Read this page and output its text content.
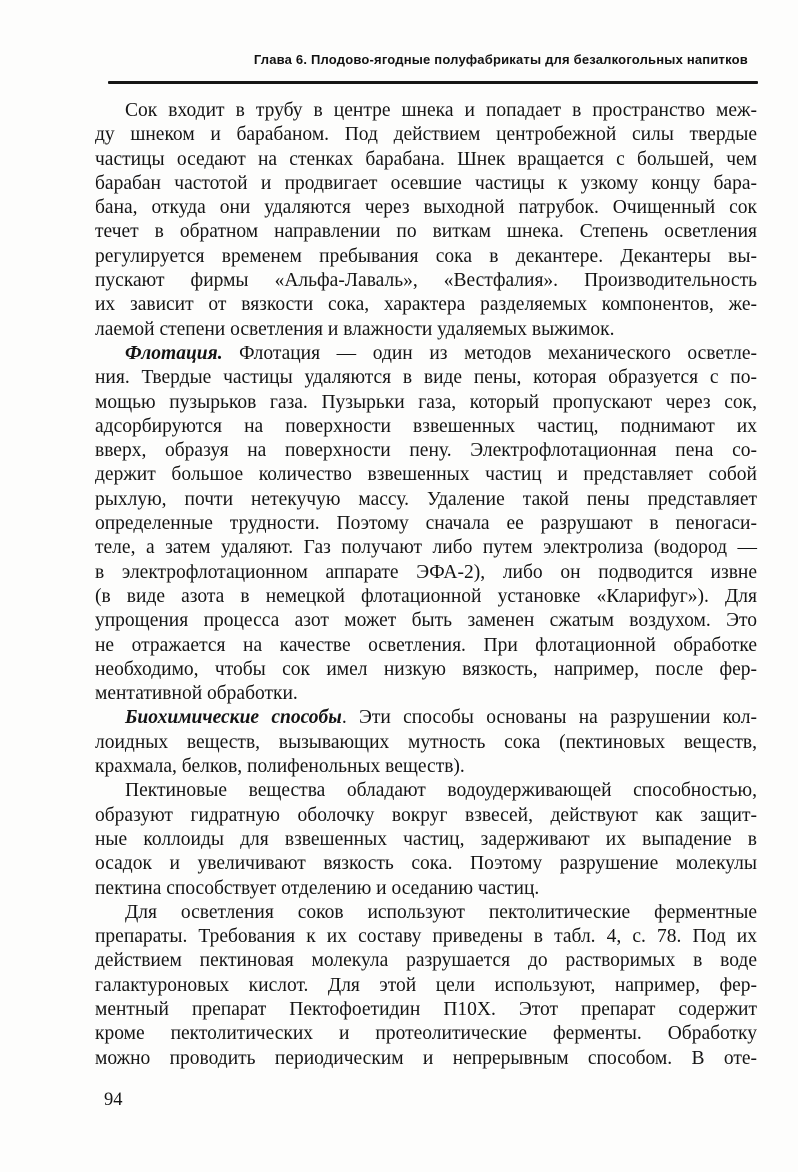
Глава 6. Плодово-ягодные полуфабрикаты для безалкогольных напитков
Сок входит в трубу в центре шнека и попадает в пространство меж-
ду шнеком и барабаном. Под действием центробежной силы твердые
частицы оседают на стенках барабана. Шнек вращается с большей, чем
барабан частотой и продвигает осевшие частицы к узкому концу бара-
бана, откуда они удаляются через выходной патрубок. Очищенный сок
течет в обратном направлении по виткам шнека. Степень осветления
регулируется временем пребывания сока в декантере. Декантеры вы-
пускают фирмы «Альфа-Лаваль», «Вестфалия». Производительность
их зависит от вязкости сока, характера разделяемых компонентов, же-
лаемой степени осветления и влажности удаляемых выжимок.
Флотация. Флотация — один из методов механического осветле-
ния. Твердые частицы удаляются в виде пены, которая образуется с по-
мощью пузырьков газа. Пузырьки газа, который пропускают через сок,
адсорбируются на поверхности взвешенных частиц, поднимают их
вверх, образуя на поверхности пену. Электрофлотационная пена со-
держит большое количество взвешенных частиц и представляет собой
рыхлую, почти нетекучую массу. Удаление такой пены представляет
определенные трудности. Поэтому сначала ее разрушают в пеногаси-
теле, а затем удаляют. Газ получают либо путем электролиза (водород —
в электрофлотационном аппарате ЭФА-2), либо он подводится извне
(в виде азота в немецкой флотационной установке «Кларифуг»). Для
упрощения процесса азот может быть заменен сжатым воздухом. Это
не отражается на качестве осветления. При флотационной обработке
необходимо, чтобы сок имел низкую вязкость, например, после фер-
ментативной обработки.
Биохимические способы. Эти способы основаны на разрушении кол-
лоидных веществ, вызывающих мутность сока (пектиновых веществ,
крахмала, белков, полифенольных веществ).
Пектиновые вещества обладают водоудерживающей способностью,
образуют гидратную оболочку вокруг взвесей, действуют как защит-
ные коллоиды для взвешенных частиц, задерживают их выпадение в
осадок и увеличивают вязкость сока. Поэтому разрушение молекулы
пектина способствует отделению и оседанию частиц.
Для осветления соков используют пектолитические ферментные
препараты. Требования к их составу приведены в табл. 4, с. 78. Под их
действием пектиновая молекула разрушается до растворимых в воде
галактуроновых кислот. Для этой цели используют, например, фер-
ментный препарат Пектофоетидин П10Х. Этот препарат содержит
кроме пектолитических и протеолитические ферменты. Обработку
можно проводить периодическим и непрерывным способом. В оте-
94
